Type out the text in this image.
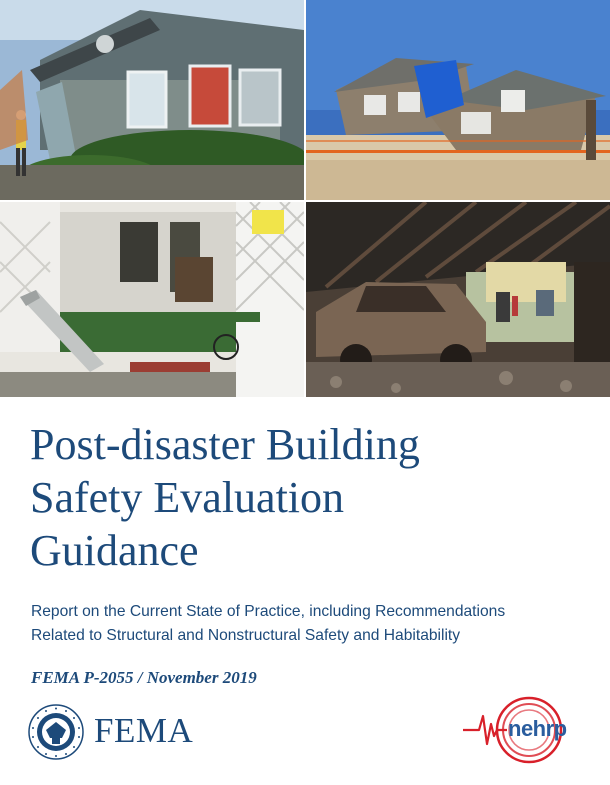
Post-disaster Building
Safety Evaluation
Guidance
Report on the Current State of Practice, including Recommendations
Related to Structural and Nonstructural Safety and Habitability
FEMA P-2055 / November 2019
FEMA	nehrp
